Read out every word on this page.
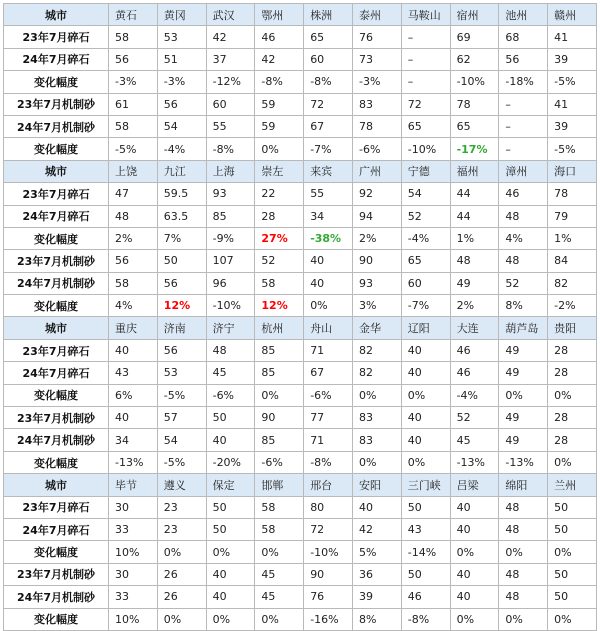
城市	黄石	黄冈	武汉	鄂州	株洲	泰州	马鞍山	宿州	池州	赣州
23年7月碎石	58	53	42	46	65	76	–	69	68	41
24年7月碎石	56	51	37	42	60	73	–	62	56	39
变化幅度	-3%	-3%	-12%	-8%	-8%	-3%	–	-10%	-18%	-5%
23年7月机制砂	61	56	60	59	72	83	72	78	–	41
24年7月机制砂	58	54	55	59	67	78	65	65	–	39
变化幅度	-5%	-4%	-8%	0%	-7%	-6%	-10%	-17%	–	-5%
城市	上饶	九江	上海	崇左	来宾	广州	宁德	福州	漳州	海口
23年7月碎石	47	59.5	93	22	55	92	54	44	46	78
24年7月碎石	48	63.5	85	28	34	94	52	44	48	79
变化幅度	2%	7%	-9%	27%	-38%	2%	-4%	1%	4%	1%
23年7月机制砂	56	50	107	52	40	90	65	48	48	84
24年7月机制砂	58	56	96	58	40	93	60	49	52	82
变化幅度	4%	12%	-10%	12%	0%	3%	-7%	2%	8%	-2%
城市	重庆	济南	济宁	杭州	舟山	金华	辽阳	大连	葫芦岛	贵阳
23年7月碎石	40	56	48	85	71	82	40	46	49	28
24年7月碎石	43	53	45	85	67	82	40	46	49	28
变化幅度	6%	-5%	-6%	0%	-6%	0%	0%	-4%	0%	0%
23年7月机制砂	40	57	50	90	77	83	40	52	49	28
24年7月机制砂	34	54	40	85	71	83	40	45	49	28
变化幅度	-13%	-5%	-20%	-6%	-8%	0%	0%	-13%	-13%	0%
城市	毕节	遵义	保定	邯郸	邢台	安阳	三门峡	吕梁	绵阳	兰州
23年7月碎石	30	23	50	58	80	40	50	40	48	50
24年7月碎石	33	23	50	58	72	42	43	40	48	50
变化幅度	10%	0%	0%	0%	-10%	5%	-14%	0%	0%	0%
23年7月机制砂	30	26	40	45	90	36	50	40	48	50
24年7月机制砂	33	26	40	45	76	39	46	40	48	50
变化幅度	10%	0%	0%	0%	-16%	8%	-8%	0%	0%	0%
